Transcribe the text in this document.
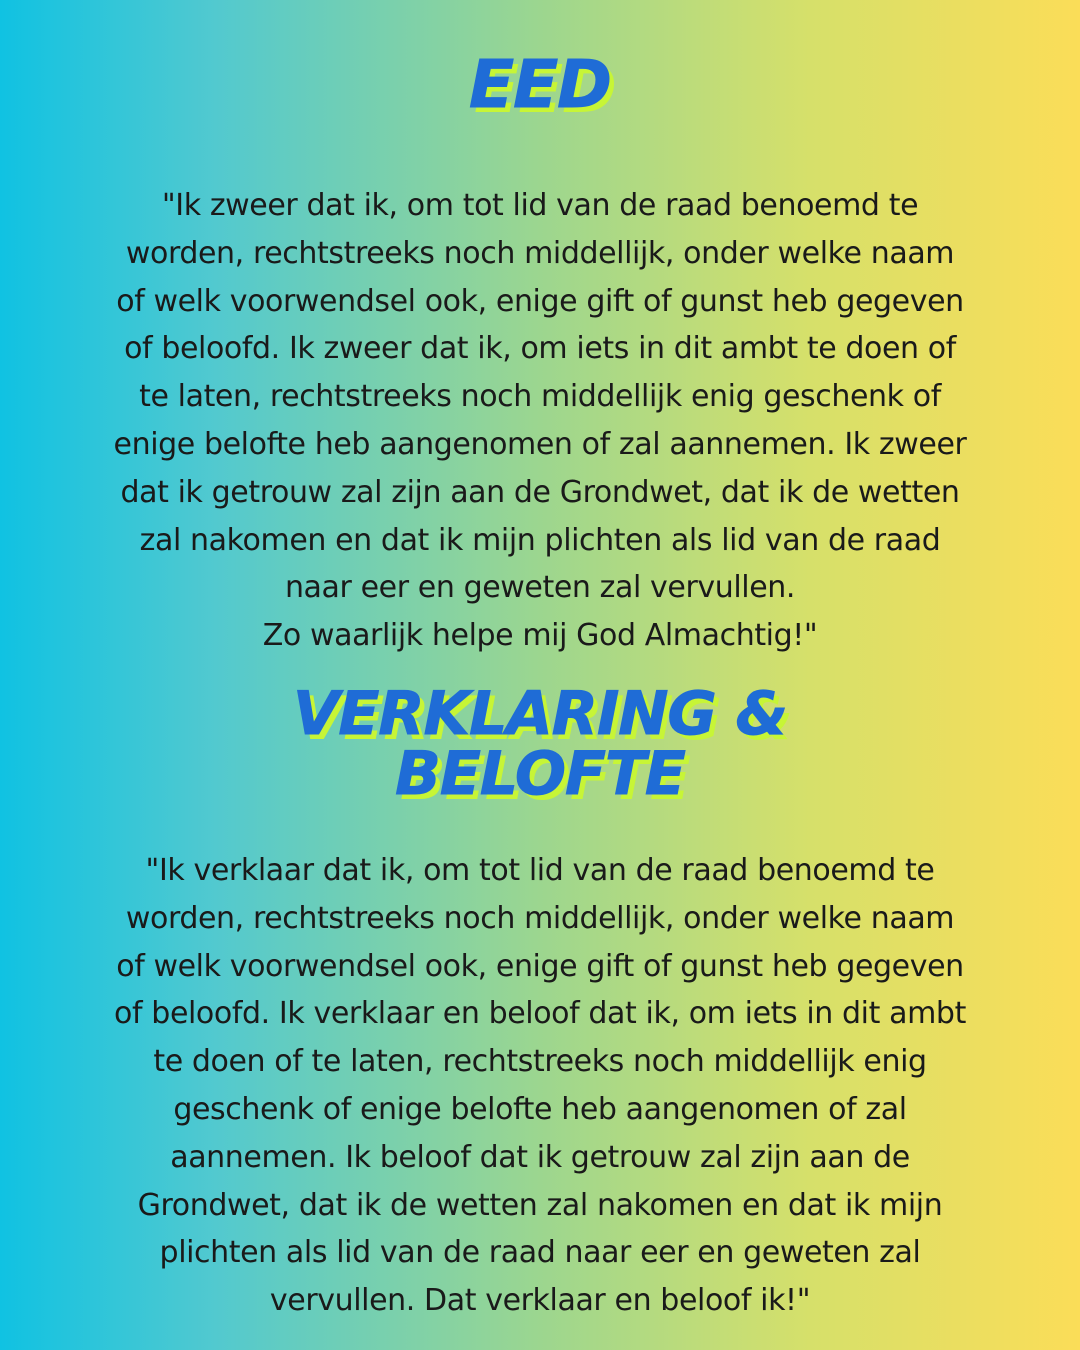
EED

"Ik zweer dat ik, om tot lid van de raad benoemd te
worden, rechtstreeks noch middellijk, onder welke naam
of welk voorwendsel ook, enige gift of gunst heb gegeven
of beloofd. Ik zweer dat ik, om iets in dit ambt te doen of
te laten, rechtstreeks noch middellijk enig geschenk of
enige belofte heb aangenomen of zal aannemen. Ik zweer
dat ik getrouw zal zijn aan de Grondwet, dat ik de wetten
zal nakomen en dat ik mijn plichten als lid van de raad
naar eer en geweten zal vervullen.
Zo waarlijk helpe mij God Almachtig!"

VERKLARING &
BELOFTE

"Ik verklaar dat ik, om tot lid van de raad benoemd te
worden, rechtstreeks noch middellijk, onder welke naam
of welk voorwendsel ook, enige gift of gunst heb gegeven
of beloofd. Ik verklaar en beloof dat ik, om iets in dit ambt
te doen of te laten, rechtstreeks noch middellijk enig
geschenk of enige belofte heb aangenomen of zal
aannemen. Ik beloof dat ik getrouw zal zijn aan de
Grondwet, dat ik de wetten zal nakomen en dat ik mijn
plichten als lid van de raad naar eer en geweten zal
vervullen. Dat verklaar en beloof ik!"
